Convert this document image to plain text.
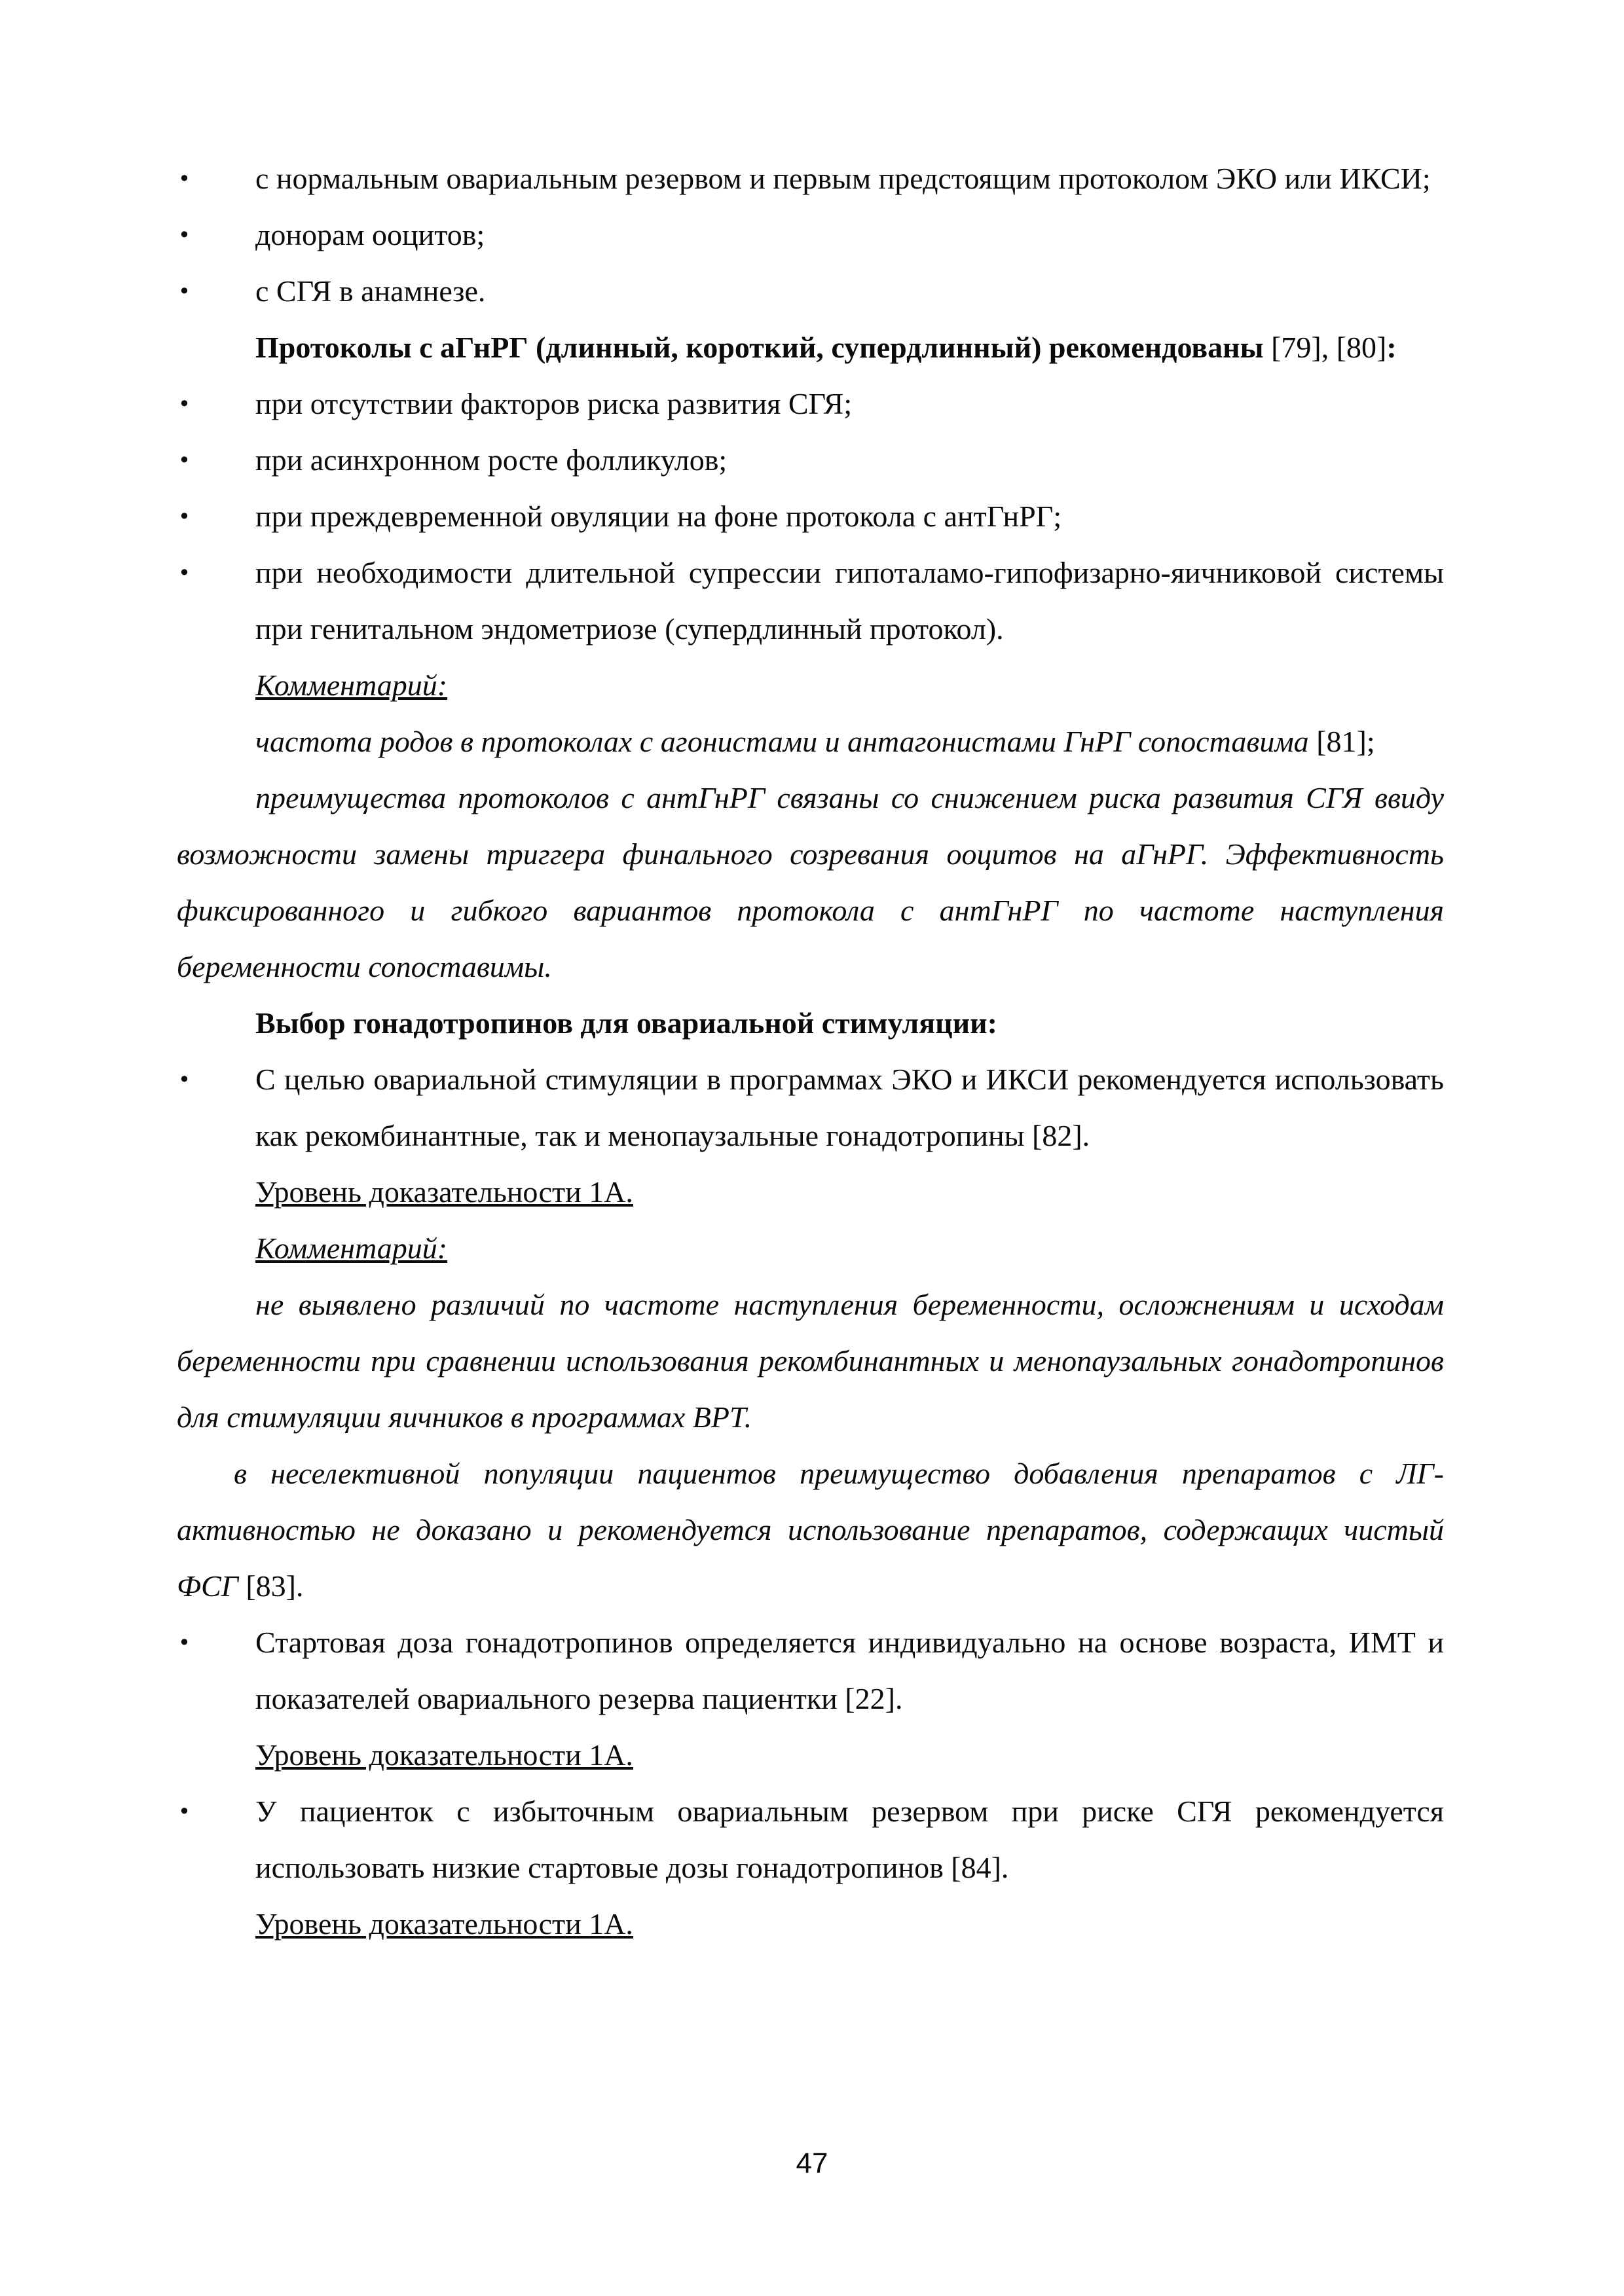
• с нормальным овариальным резервом и первым предстоящим протоколом ЭКО или ИКСИ;
• донорам ооцитов;
• с СГЯ в анамнезе.
Протоколы с аГнРГ (длинный, короткий, супердлинный) рекомендованы [79], [80]:
• при отсутствии факторов риска развития СГЯ;
• при асинхронном росте фолликулов;
• при преждевременной овуляции на фоне протокола с антГнРГ;
• при необходимости длительной супрессии гипоталамо-гипофизарно-яичниковой системы при генитальном эндометриозе (супердлинный протокол).
Комментарий:
частота родов в протоколах с агонистами и антагонистами ГнРГ сопоставима [81];
преимущества протоколов с антГнРГ связаны со снижением риска развития СГЯ ввиду возможности замены триггера финального созревания ооцитов на аГнРГ. Эффективность фиксированного и гибкого вариантов протокола с антГнРГ по частоте наступления беременности сопоставимы.
Выбор гонадотропинов для овариальной стимуляции:
• С целью овариальной стимуляции в программах ЭКО и ИКСИ рекомендуется использовать как рекомбинантные, так и менопаузальные гонадотропины [82].
Уровень доказательности 1А.
Комментарий:
не выявлено различий по частоте наступления беременности, осложнениям и исходам беременности при сравнении использования рекомбинантных и менопаузальных гонадотропинов для стимуляции яичников в программах ВРТ.
в неселективной популяции пациентов преимущество добавления препаратов с ЛГ-активностью не доказано и рекомендуется использование препаратов, содержащих чистый ФСГ [83].
• Стартовая доза гонадотропинов определяется индивидуально на основе возраста, ИМТ и показателей овариального резерва пациентки [22].
Уровень доказательности 1А.
• У пациенток с избыточным овариальным резервом при риске СГЯ рекомендуется использовать низкие стартовые дозы гонадотропинов [84].
Уровень доказательности 1А.
47
